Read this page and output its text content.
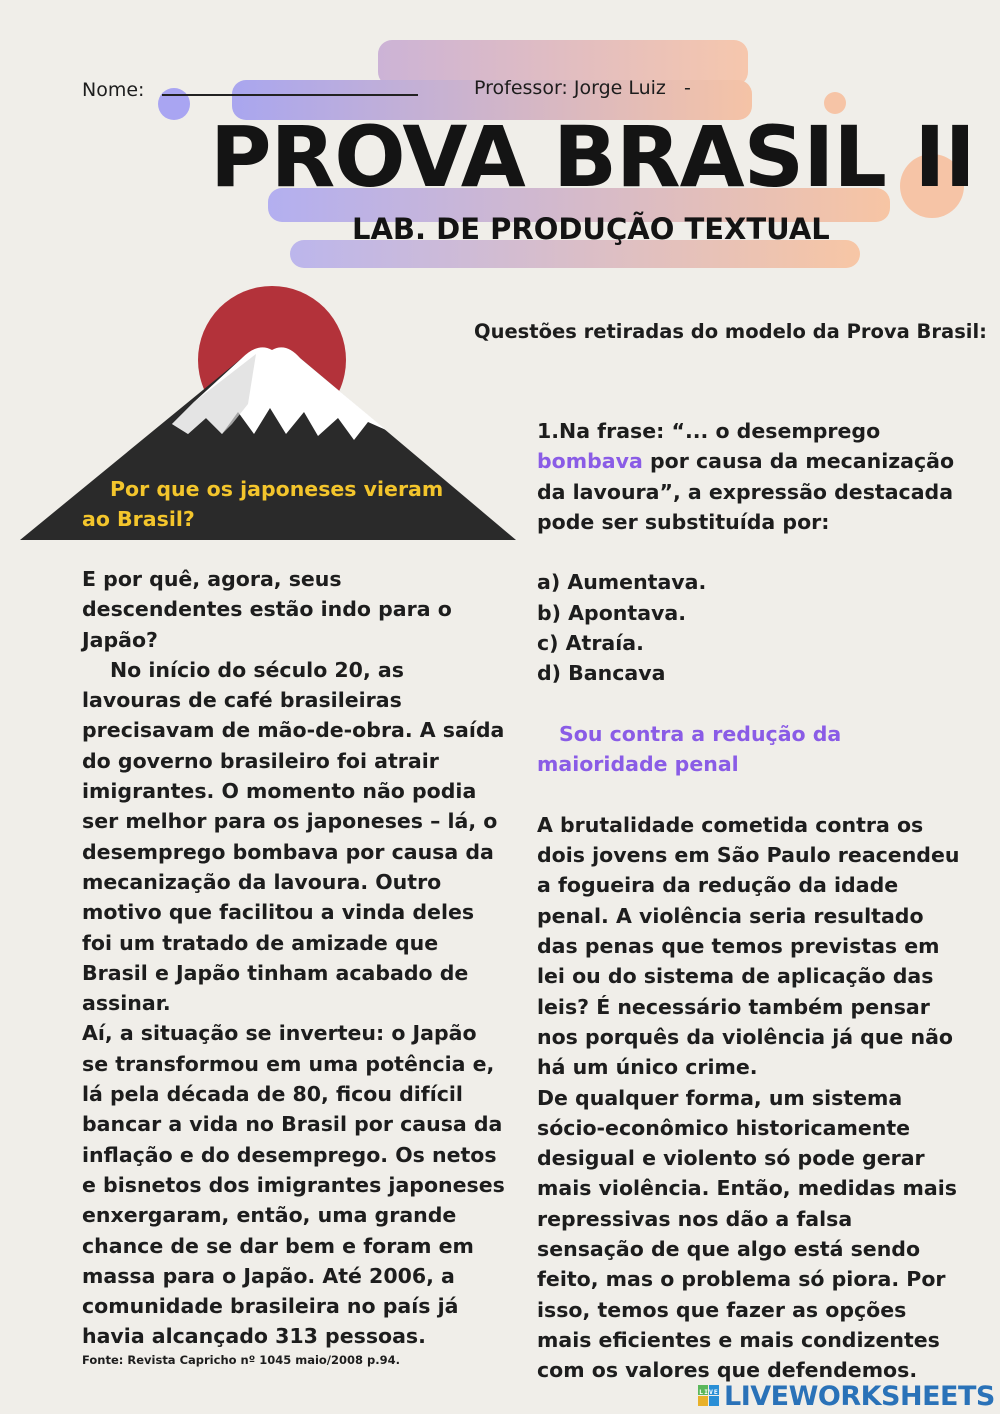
Nome:	Professor: Jorge Luiz   -
PROVA BRASIL II
LAB. DE PRODUÇÃO TEXTUAL
Por que os japoneses vieram ao Brasil?
E por quê, agora, seus descendentes estão indo para o Japão?
No início do século 20, as lavouras de café brasileiras precisavam de mão-de-obra. A saída do governo brasileiro foi atrair imigrantes. O momento não podia ser melhor para os japoneses – lá, o desemprego bombava por causa da mecanização da lavoura. Outro motivo que facilitou a vinda deles foi um tratado de amizade que Brasil e Japão tinham acabado de assinar.
Aí, a situação se inverteu: o Japão se transformou em uma potência e, lá pela década de 80, ficou difícil bancar a vida no Brasil por causa da inflação e do desemprego. Os netos e bisnetos dos imigrantes japoneses enxergaram, então, uma grande chance de se dar bem e foram em massa para o Japão. Até 2006, a comunidade brasileira no país já havia alcançado 313 pessoas.
Fonte: Revista Capricho nº 1045 maio/2008 p.94.
Questões retiradas do modelo da Prova Brasil:
1.Na frase: “... o desemprego bombava por causa da mecanização da lavoura”, a expressão destacada pode ser substituída por:
a) Aumentava.
b) Apontava.
c) Atraía.
d) Bancava
Sou contra a redução da maioridade penal
A brutalidade cometida contra os dois jovens em São Paulo reacendeu a fogueira da redução da idade penal. A violência seria resultado das penas que temos previstas em lei ou do sistema de aplicação das leis? É necessário também pensar nos porquês da violência já que não há um único crime.
De qualquer forma, um sistema sócio-econômico historicamente desigual e violento só pode gerar mais violência. Então, medidas mais repressivas nos dão a falsa sensação de que algo está sendo feito, mas o problema só piora. Por isso, temos que fazer as opções mais eficientes e mais condizentes com os valores que defendemos.
LIVE LIVEWORKSHEETS
